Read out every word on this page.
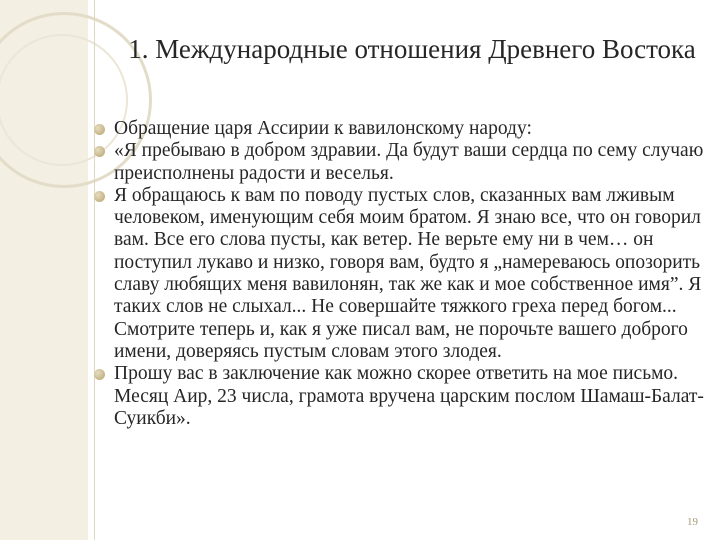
1. Международные отношения Древнего Востока
Обращение царя Ассирии к вавилонскому народу:
«Я пребываю в добром здравии. Да будут ваши сердца по сему случаю преисполнены радости и веселья.
Я обращаюсь к вам по поводу пустых слов, сказанных вам лживым человеком, именующим себя моим братом. Я знаю все, что он говорил вам. Все его слова пусты, как ветер. Не верьте ему ни в чем… он поступил лукаво и низко, говоря вам, будто я „намереваюсь опозорить славу любящих меня вавилонян, так же как и мое собственное имя”. Я таких слов не слыхал... Не совершайте тяжкого греха перед богом... Смотрите теперь и, как я уже писал вам, не порочьте вашего доброго имени, доверяясь пустым словам этого злодея.
Прошу вас в заключение как можно скорее ответить на мое письмо. Месяц Аир, 23 числа, грамота вручена царским послом Шамаш-Балат-Суикби».
19
